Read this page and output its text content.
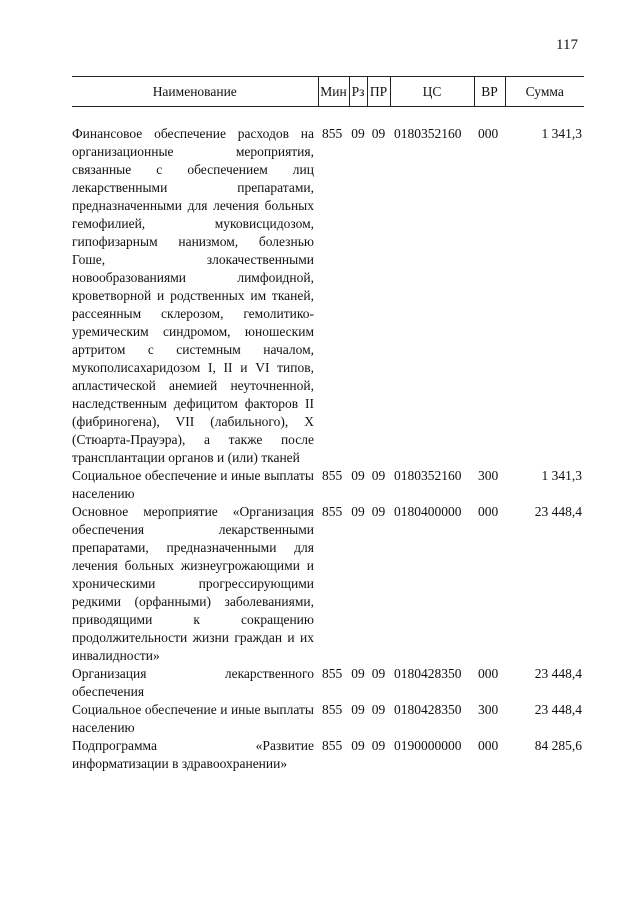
117
Наименование	Мин	Рз	ПР	ЦС	ВР	Сумма

Финансовое обеспечение расходов на организационные мероприятия, связанные с обеспечением лиц лекарственными препаратами, предназначенными для лечения больных гемофилией, муковисцидозом, гипофизарным нанизмом, болезнью Гоше, злокачественными новообразованиями лимфоидной, кроветворной и родственных им тканей, рассеянным склерозом, гемолитико-уремическим синдромом, юношеским артритом с системным началом, мукополисахаридозом I, II и VI типов, апластической анемией неуточненной, наследственным дефицитом факторов II (фибриногена), VII (лабильного), X (Стюарта-Прауэра), а также после трансплантации органов и (или) тканей	855	09	09	0180352160	000	1 341,3
Социальное обеспечение и иные выплаты населению	855	09	09	0180352160	300	1 341,3
Основное мероприятие «Организация обеспечения лекарственными препаратами, предназначенными для лечения больных жизнеугрожающими и хроническими прогрессирующими редкими (орфанными) заболеваниями, приводящими к сокращению продолжительности жизни граждан и их инвалидности»	855	09	09	0180400000	000	23 448,4
Организация лекарственного обеспечения	855	09	09	0180428350	000	23 448,4
Социальное обеспечение и иные выплаты населению	855	09	09	0180428350	300	23 448,4
Подпрограмма «Развитие информатизации в здравоохранении»	855	09	09	0190000000	000	84 285,6
